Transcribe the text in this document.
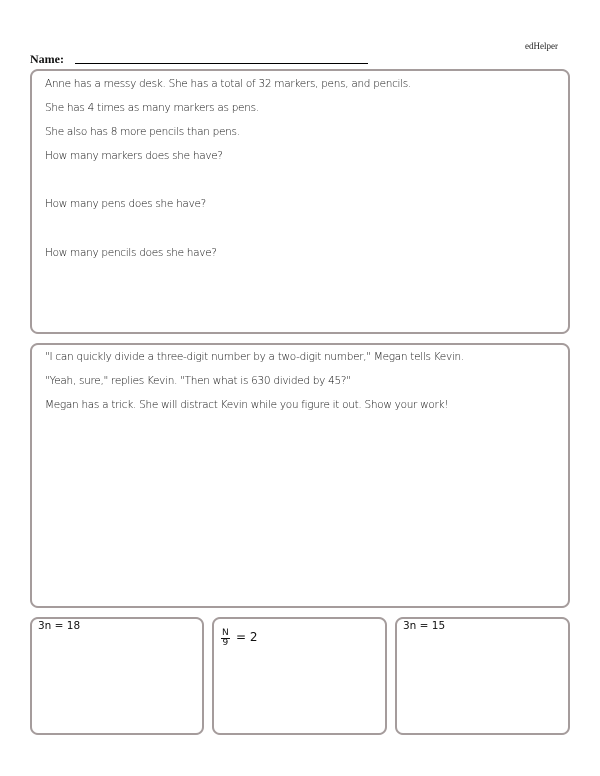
edHelper
Name:
Anne has a messy desk. She has a total of 32 markers, pens, and pencils.
She has 4 times as many markers as pens.
She also has 8 more pencils than pens.
How many markers does she have?
How many pens does she have?
How many pencils does she have?
"I can quickly divide a three-digit number by a two-digit number," Megan tells Kevin.
"Yeah, sure," replies Kevin. "Then what is 630 divided by 45?"
Megan has a trick. She will distract Kevin while you figure it out. Show your work!
3n = 18
$\frac{N}{9} = 2$
3n = 15
